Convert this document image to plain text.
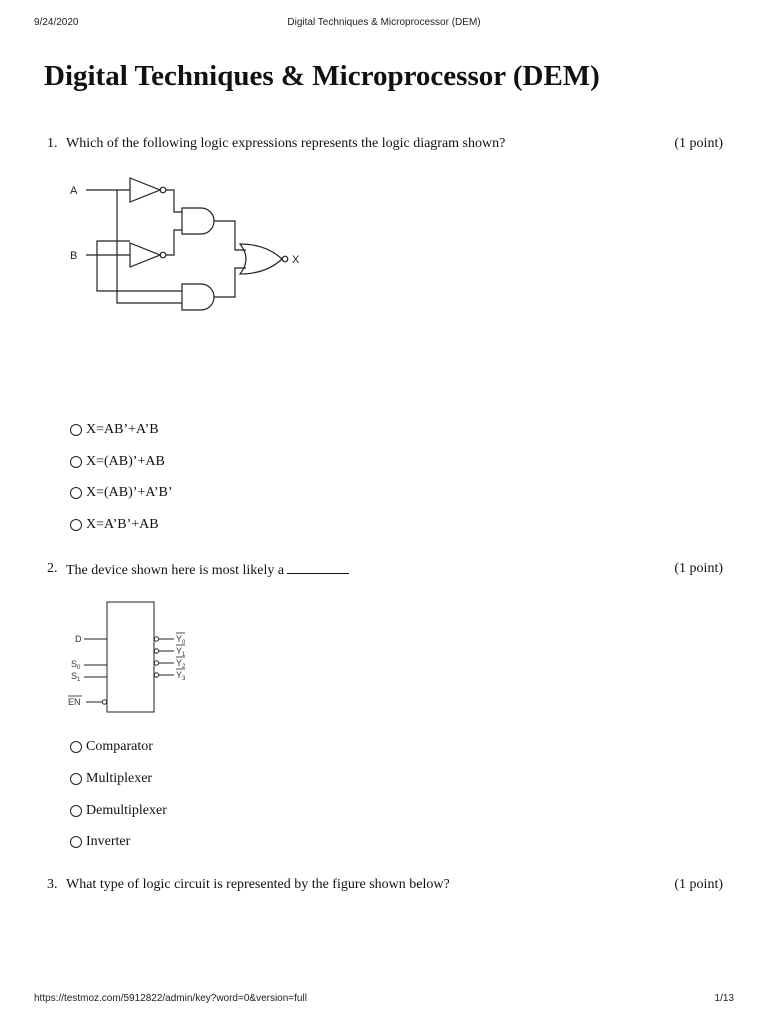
9/24/2020	Digital Techniques & Microprocessor (DEM)
Digital Techniques & Microprocessor (DEM)
1. Which of the following logic expressions represents the logic diagram shown?	(1 point)
A
B	X
X=AB’+A’B
X=(AB)’+AB
X=(AB)’+A’B’
X=A’B’+AB
2. The device shown here is most likely a	(1 point)
D
$S_0$
$S_1$
EN
$Y_0$
$Y_1$
$Y_2$
$Y_3$
Comparator
Multiplexer
Demultiplexer
Inverter
3. What type of logic circuit is represented by the figure shown below?	(1 point)
https://testmoz.com/5912822/admin/key?word=0&version=full	1/13
